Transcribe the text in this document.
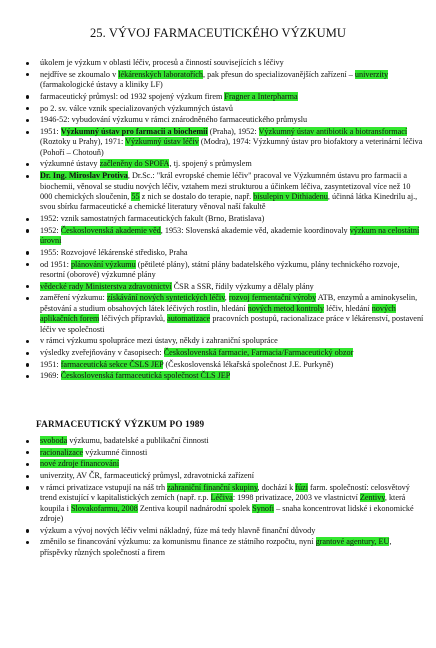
25. VÝVOJ FARMACEUTICKÉHO VÝZKUMU
úkolem je výzkum v oblasti léčiv, procesů a činností souvisejících s léčivy
nejdříve se zkoumalo v lékárenských laboratořích, pak přesun do specializovanějších zařízení – univerzity (farmakologické ústavy a kliniky LF)
farmaceutický průmysl: od 1932 spojený výzkum firem Fragner a Interpharma
po 2. sv. válce vznik specializovaných výzkumných ústavů
1946-52: vybudování výzkumu v rámci znárodněného farmaceutického průmyslu
1951: Výzkumný ústav pro farmacii a biochemii (Praha), 1952: Výzkumný ústav antibiotik a biotransformací (Roztoky u Prahy), 1971: Výzkumný ústav léčiv (Modra), 1974: Výzkumný ústav pro biofaktory a veterinární léčiva (Pohoří – Chotouň)
výzkumné ústavy začleněny do SPOFA, tj. spojený s průmyslem
Dr. Ing. Miroslav Protiva, Dr.Sc.: "král evropské chemie léčiv" pracoval ve Výzkumném ústavu pro farmacii a biochemii, věnoval se studiu nových léčiv, vztahem mezi strukturou a účinkem léčiva, zasyntetizoval více než 10 000 chemických sloučenin, 55 z nich se dostalo do terapie, např. bisulepin v Dithiadenu, účinná látka Kinedrilu aj., svou sbírku farmaceutické a chemické literatury věnoval naší fakultě
1952: vznik samostatných farmaceutických fakult (Brno, Bratislava)
1952: Československá akademie věd, 1953: Slovenská akademie věd, akademie koordinovaly výzkum na celostátní úrovni
1955: Rozvojové lékárenské středisko, Praha
od 1951: plánování výzkumu (pětileté plány), státní plány badatelského výzkumu, plány technického rozvoje, resortní (oborové) výzkumné plány
vědecké rady Ministerstva zdravotnictví ČSR a SSR, řídily výzkumy a dělaly plány
zaměření výzkumu: získávání nových syntetických léčiv, rozvoj fermentační výroby ATB, enzymů a aminokyselin, pěstování a studium obsahových látek léčivých rostlin, hledání nových metod kontroly léčiv, hledání nových aplikačních forem léčivých přípravků, automatizace pracovních postupů, racionalizace práce v lékárenství, postavení léčiv ve společnosti
v rámci výzkumu spolupráce mezi ústavy, někdy i zahraniční spolupráce
výsledky zveřejňovány v časopisech: Československá farmacie, Farmacia/Farmaceutický obzor
1951: farmaceutická sekce ČSLS JEP (Československá lékařská společnost J.E. Purkyně)
1969: Československá farmaceutická společnost ČLS JEP
FARMACEUTICKÝ VÝZKUM PO 1989
svoboda výzkumu, badatelské a publikační činnosti
racionalizace výzkumné činnosti
nové zdroje financování
univerzity, AV ČR, farmaceutický průmysl, zdravotnická zařízení
v rámci privatizace vstupují na náš trh zahraniční finanční skupiny, dochází k fúzi farm. společností: celosvětový trend existující v kapitalistických zemích (např. r.p. Léčiva: 1998 privatizace, 2003 ve vlastnictví Zentivy, která koupila i Slovakofarmu, 2008 Zentiva koupil nadnárodní spolek Synofi – snaha koncentrovat lidské i ekonomické zdroje)
výzkum a vývoj nových léčiv velmi nákladný, fúze má tedy hlavně finanční důvody
změnilo se financování výzkumu: za komunismu finance ze státního rozpočtu, nyní grantové agentury, EU, příspěvky různých společností a firem
